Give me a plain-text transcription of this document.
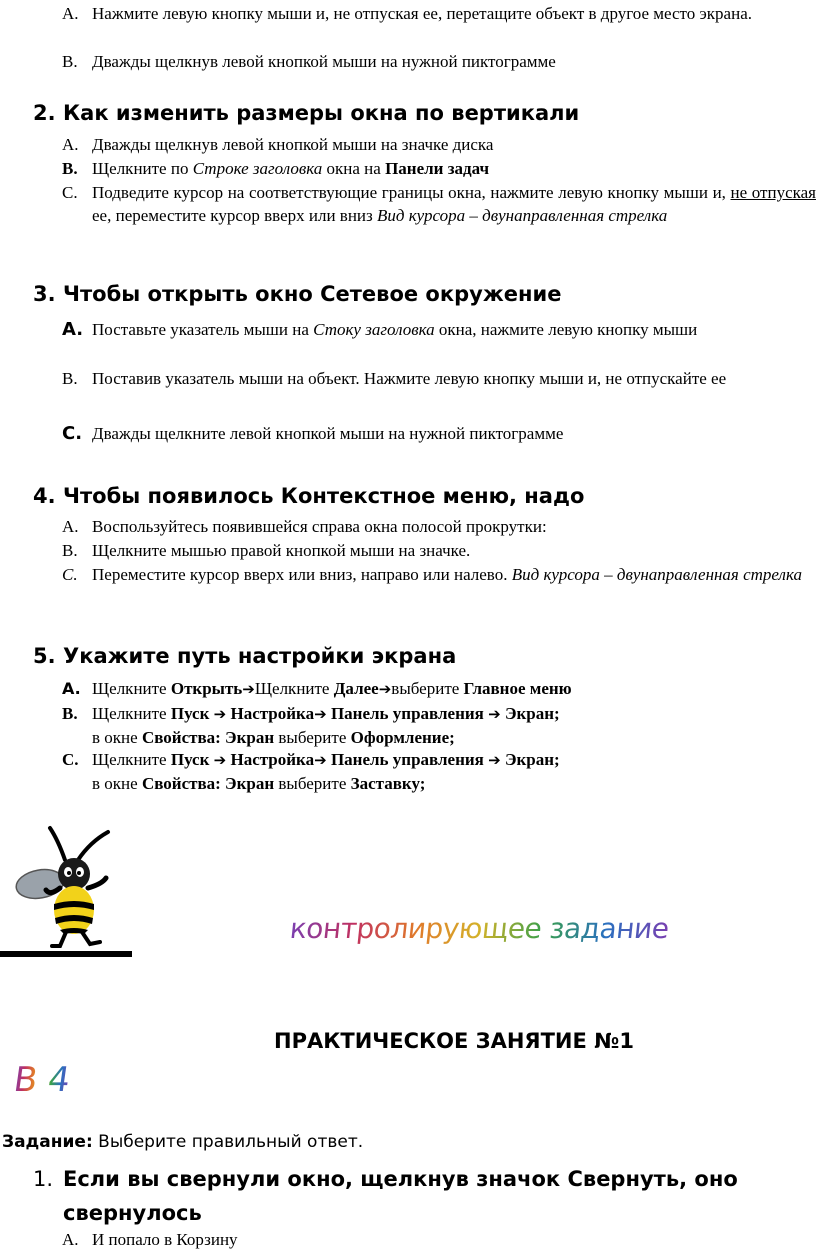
A. Нажмите левую кнопку мыши и, не отпуская ее, перетащите объект в другое место экрана.
B. Дважды щелкнув левой кнопкой мыши на нужной пиктограмме
2. Как изменить размеры окна по вертикали
A. Дважды щелкнув левой кнопкой мыши на значке диска
B. Щелкните по Строке заголовка окна на Панели задач
C. Подведите курсор на соответствующие границы окна, нажмите левую кнопку мыши и, не отпуская ее, переместите курсор вверх или вниз Вид курсора – двунаправленная стрелка
3. Чтобы открыть окно Сетевое окружение
A. Поставьте указатель мыши на Стоку заголовка окна, нажмите левую кнопку мыши
B. Поставив указатель мыши на объект. Нажмите левую кнопку мыши и, не отпускайте ее
C. Дважды щелкните левой кнопкой мыши на нужной пиктограмме
4. Чтобы появилось Контекстное меню, надо
A. Воспользуйтесь появившейся справа окна полосой прокрутки:
B. Щелкните мышью правой кнопкой мыши на значке.
C. Переместите курсор вверх или вниз, направо или налево. Вид курсора – двунаправленная стрелка
5. Укажите путь настройки экрана
A. Щелкните Открыть➔Щелкните Далее➔выберите Главное меню
B. Щелкните Пуск ➔ Настройка➔ Панель управления ➔ Экран;
в окне Свойства: Экран выберите Оформление;
C. Щелкните Пуск ➔ Настройка➔ Панель управления ➔ Экран;
в окне Свойства: Экран выберите Заставку;
контролирующее задание
ПРАКТИЧЕСКОЕ ЗАНЯТИЕ №1
В 4
Задание: Выберите правильный ответ.
1. Если вы свернули окно, щелкнув значок Свернуть, оно
свернулось
A. И попало в Корзину
